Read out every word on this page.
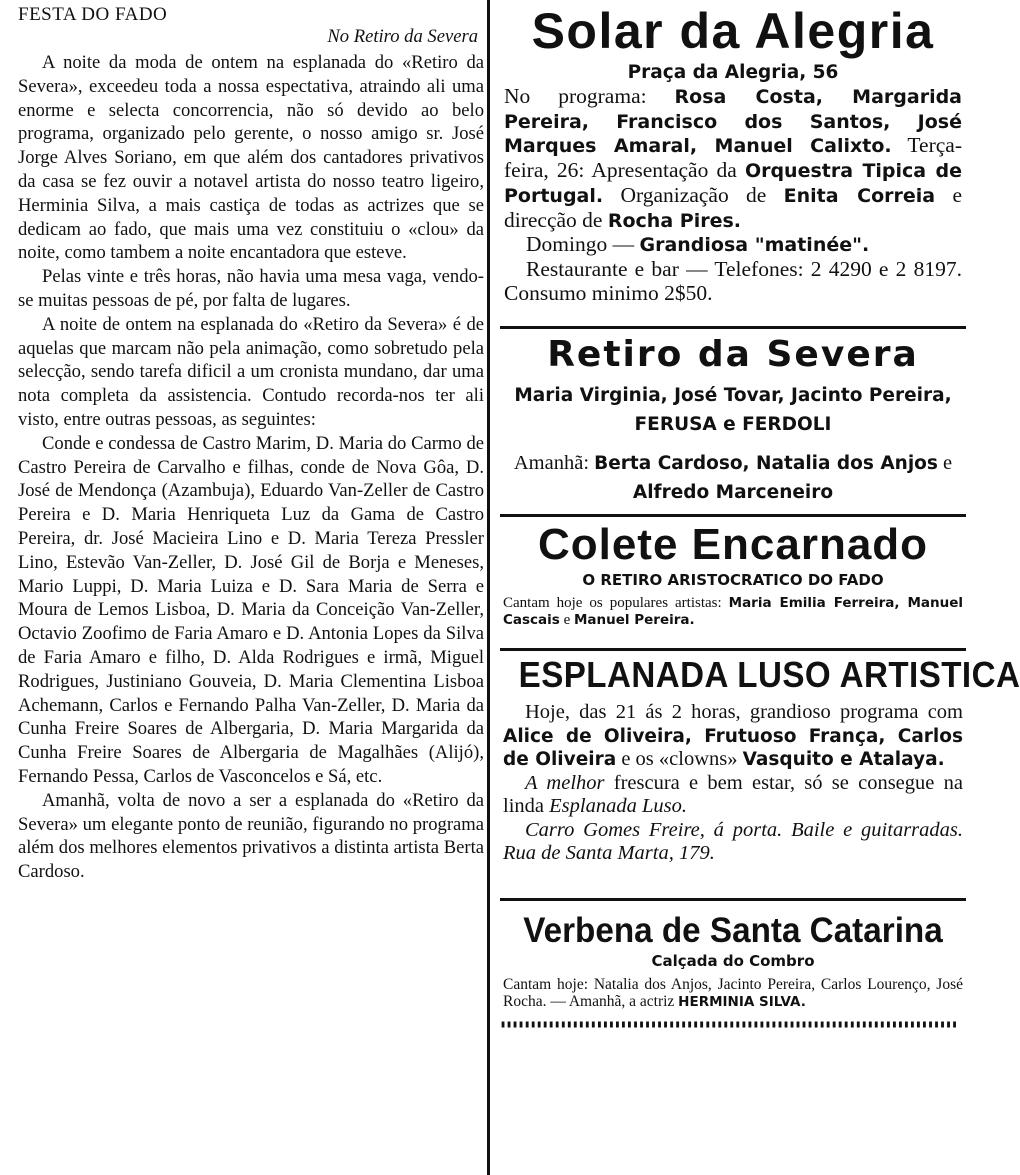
FESTA DO FADO
No Retiro da Severa

A noite da moda de ontem na esplanada do «Retiro da Severa», exceedeu toda a nossa espectativa, atraindo ali uma enorme e selecta concorrencia, não só devido ao belo programa, organizado pelo gerente, o nosso amigo sr. José Jorge Alves Soriano, em que além dos cantadores privativos da casa se fez ouvir a notavel artista do nosso teatro ligeiro, Herminia Silva, a mais castiça de todas as actrizes que se dedicam ao fado, que mais uma vez constituiu o «clou» da noite, como tambem a noite encantadora que esteve.

Pelas vinte e três horas, não havia uma mesa vaga, vendo-se muitas pessoas de pé, por falta de lugares.

A noite de ontem na esplanada do «Retiro da Severa» é de aquelas que marcam não pela animação, como sobretudo pela selecção, sendo tarefa dificil a um cronista mundano, dar uma nota completa da assistencia. Contudo recorda-nos ter ali visto, entre outras pessoas, as seguintes:

Conde e condessa de Castro Marim, D. Maria do Carmo de Castro Pereira de Carvalho e filhas, conde de Nova Gôa, D. José de Mendonça (Azambuja), Eduardo Van-Zeller de Castro Pereira e D. Maria Henriqueta Luz da Gama de Castro Pereira, dr. José Macieira Lino e D. Maria Tereza Pressler Lino, Estevão Van-Zeller, D. José Gil de Borja e Meneses, Mario Luppi, D. Maria Luiza e D. Sara Maria de Serra e Moura de Lemos Lisboa, D. Maria da Conceição Van-Zeller, Octavio Zoofimo de Faria Amaro e D. Antonia Lopes da Silva de Faria Amaro e filho, D. Alda Rodrigues e irmã, Miguel Rodrigues, Justiniano Gouveia, D. Maria Clementina Lisboa Achemann, Carlos e Fernando Palha Van-Zeller, D. Maria da Cunha Freire Soares de Albergaria, D. Maria Margarida da Cunha Freire Soares de Albergaria de Magalhães (Alijó), Fernando Pessa, Carlos de Vasconcelos e Sá, etc.

Amanhã, volta de novo a ser a esplanada do «Retiro da Severa» um elegante ponto de reunião, figurando no programa além dos melhores elementos privativos a distinta artista Berta Cardoso.

Solar da Alegria
Praça da Alegria, 56
No programa: Rosa Costa, Margarida Pereira, Francisco dos Santos, José Marques Amaral, Manuel Calixto. Terça-feira, 26: Apresentação da Orquestra Tipica de Portugal. Organização de Enita Correia e direcção de Rocha Pires.
Domingo — Grandiosa "matinée".
Restaurante e bar — Telefones: 2 4290 e 2 8197. Consumo minimo 2$50.
Retiro da Severa
Maria Virginia, José Tovar, Jacinto Pereira, FERUSA e FERDOLI
Amanhã: Berta Cardoso, Natalia dos Anjos e Alfredo Marceneiro
Colete Encarnado
O RETIRO ARISTOCRATICO DO FADO
Cantam hoje os populares artistas: Maria Emilia Ferreira, Manuel Cascais e Manuel Pereira.
ESPLANADA LUSO ARTISTICA

Hoje, das 21 ás 2 horas, grandioso programa com Alice de Oliveira, Frutuoso França, Carlos de Oliveira e os «clowns» Vasquito e Atalaya.

A melhor frescura e bem estar, só se consegue na linda Esplanada Luso.

Carro Gomes Freire, á porta. Baile e guitarradas. Rua de Santa Marta, 179.

Verbena de Santa Catarina
Calçada do Combro
Cantam hoje: Natalia dos Anjos, Jacinto Pereira, Carlos Lourenço, José Rocha. — Amanhã, a actriz HERMINIA SILVA.
▮▮▮▮▮▮▮▮▮▮▮▮▮▮▮▮▮▮▮▮▮▮▮▮▮▮▮▮▮▮▮▮▮▮▮▮▮▮▮▮▮▮▮▮▮▮▮▮▮▮▮▮▮▮▮▮▮▮▮▮▮▮▮▮▮▮▮▮▮▮▮▮▮▮▮▮
